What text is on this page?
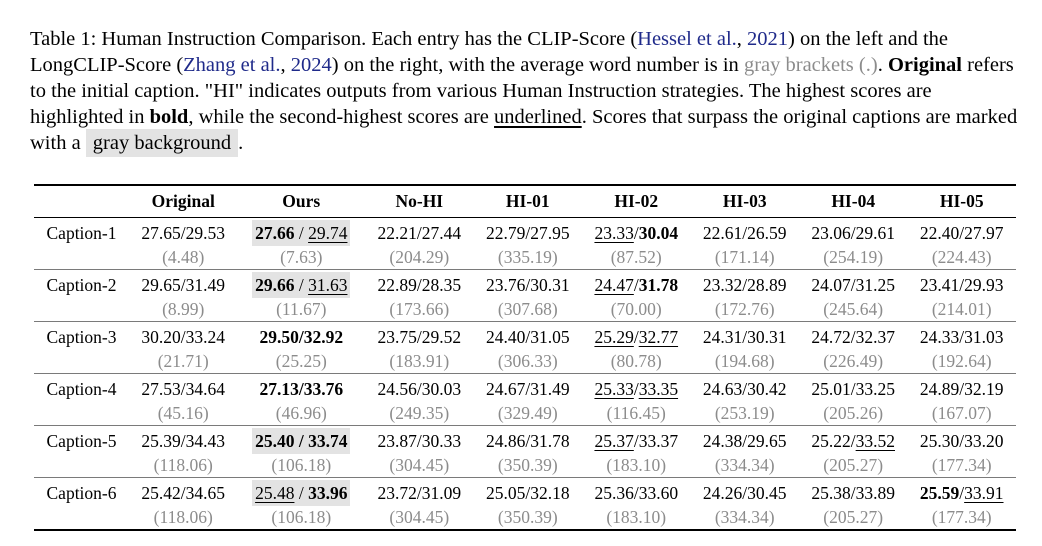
Table 1: Human Instruction Comparison. Each entry has the CLIP-Score (Hessel et al., 2021) on the left and the LongCLIP-Score (Zhang et al., 2024) on the right, with the average word number is in gray brackets (.). Original refers to the initial caption. "HI" indicates outputs from various Human Instruction strategies. The highest scores are highlighted in bold, while the second-highest scores are underlined. Scores that surpass the original captions are marked with a gray background .
	Original	Ours	No-HI	HI-01	HI-02	HI-03	HI-04	HI-05
Caption-1	27.65/29.53	27.66 / 29.74	22.21/27.44	22.79/27.95	23.33/30.04	22.61/26.59	23.06/29.61	22.40/27.97
	(4.48)	(7.63)	(204.29)	(335.19)	(87.52)	(171.14)	(254.19)	(224.43)
Caption-2	29.65/31.49	29.66 / 31.63	22.89/28.35	23.76/30.31	24.47/31.78	23.32/28.89	24.07/31.25	23.41/29.93
	(8.99)	(11.67)	(173.66)	(307.68)	(70.00)	(172.76)	(245.64)	(214.01)
Caption-3	30.20/33.24	29.50/32.92	23.75/29.52	24.40/31.05	25.29/32.77	24.31/30.31	24.72/32.37	24.33/31.03
	(21.71)	(25.25)	(183.91)	(306.33)	(80.78)	(194.68)	(226.49)	(192.64)
Caption-4	27.53/34.64	27.13/33.76	24.56/30.03	24.67/31.49	25.33/33.35	24.63/30.42	25.01/33.25	24.89/32.19
	(45.16)	(46.96)	(249.35)	(329.49)	(116.45)	(253.19)	(205.26)	(167.07)
Caption-5	25.39/34.43	25.40 / 33.74	23.87/30.33	24.86/31.78	25.37/33.37	24.38/29.65	25.22/33.52	25.30/33.20
	(118.06)	(106.18)	(304.45)	(350.39)	(183.10)	(334.34)	(205.27)	(177.34)
Caption-6	25.42/34.65	25.48 / 33.96	23.72/31.09	25.05/32.18	25.36/33.60	24.26/30.45	25.38/33.89	25.59/33.91
	(118.06)	(106.18)	(304.45)	(350.39)	(183.10)	(334.34)	(205.27)	(177.34)
